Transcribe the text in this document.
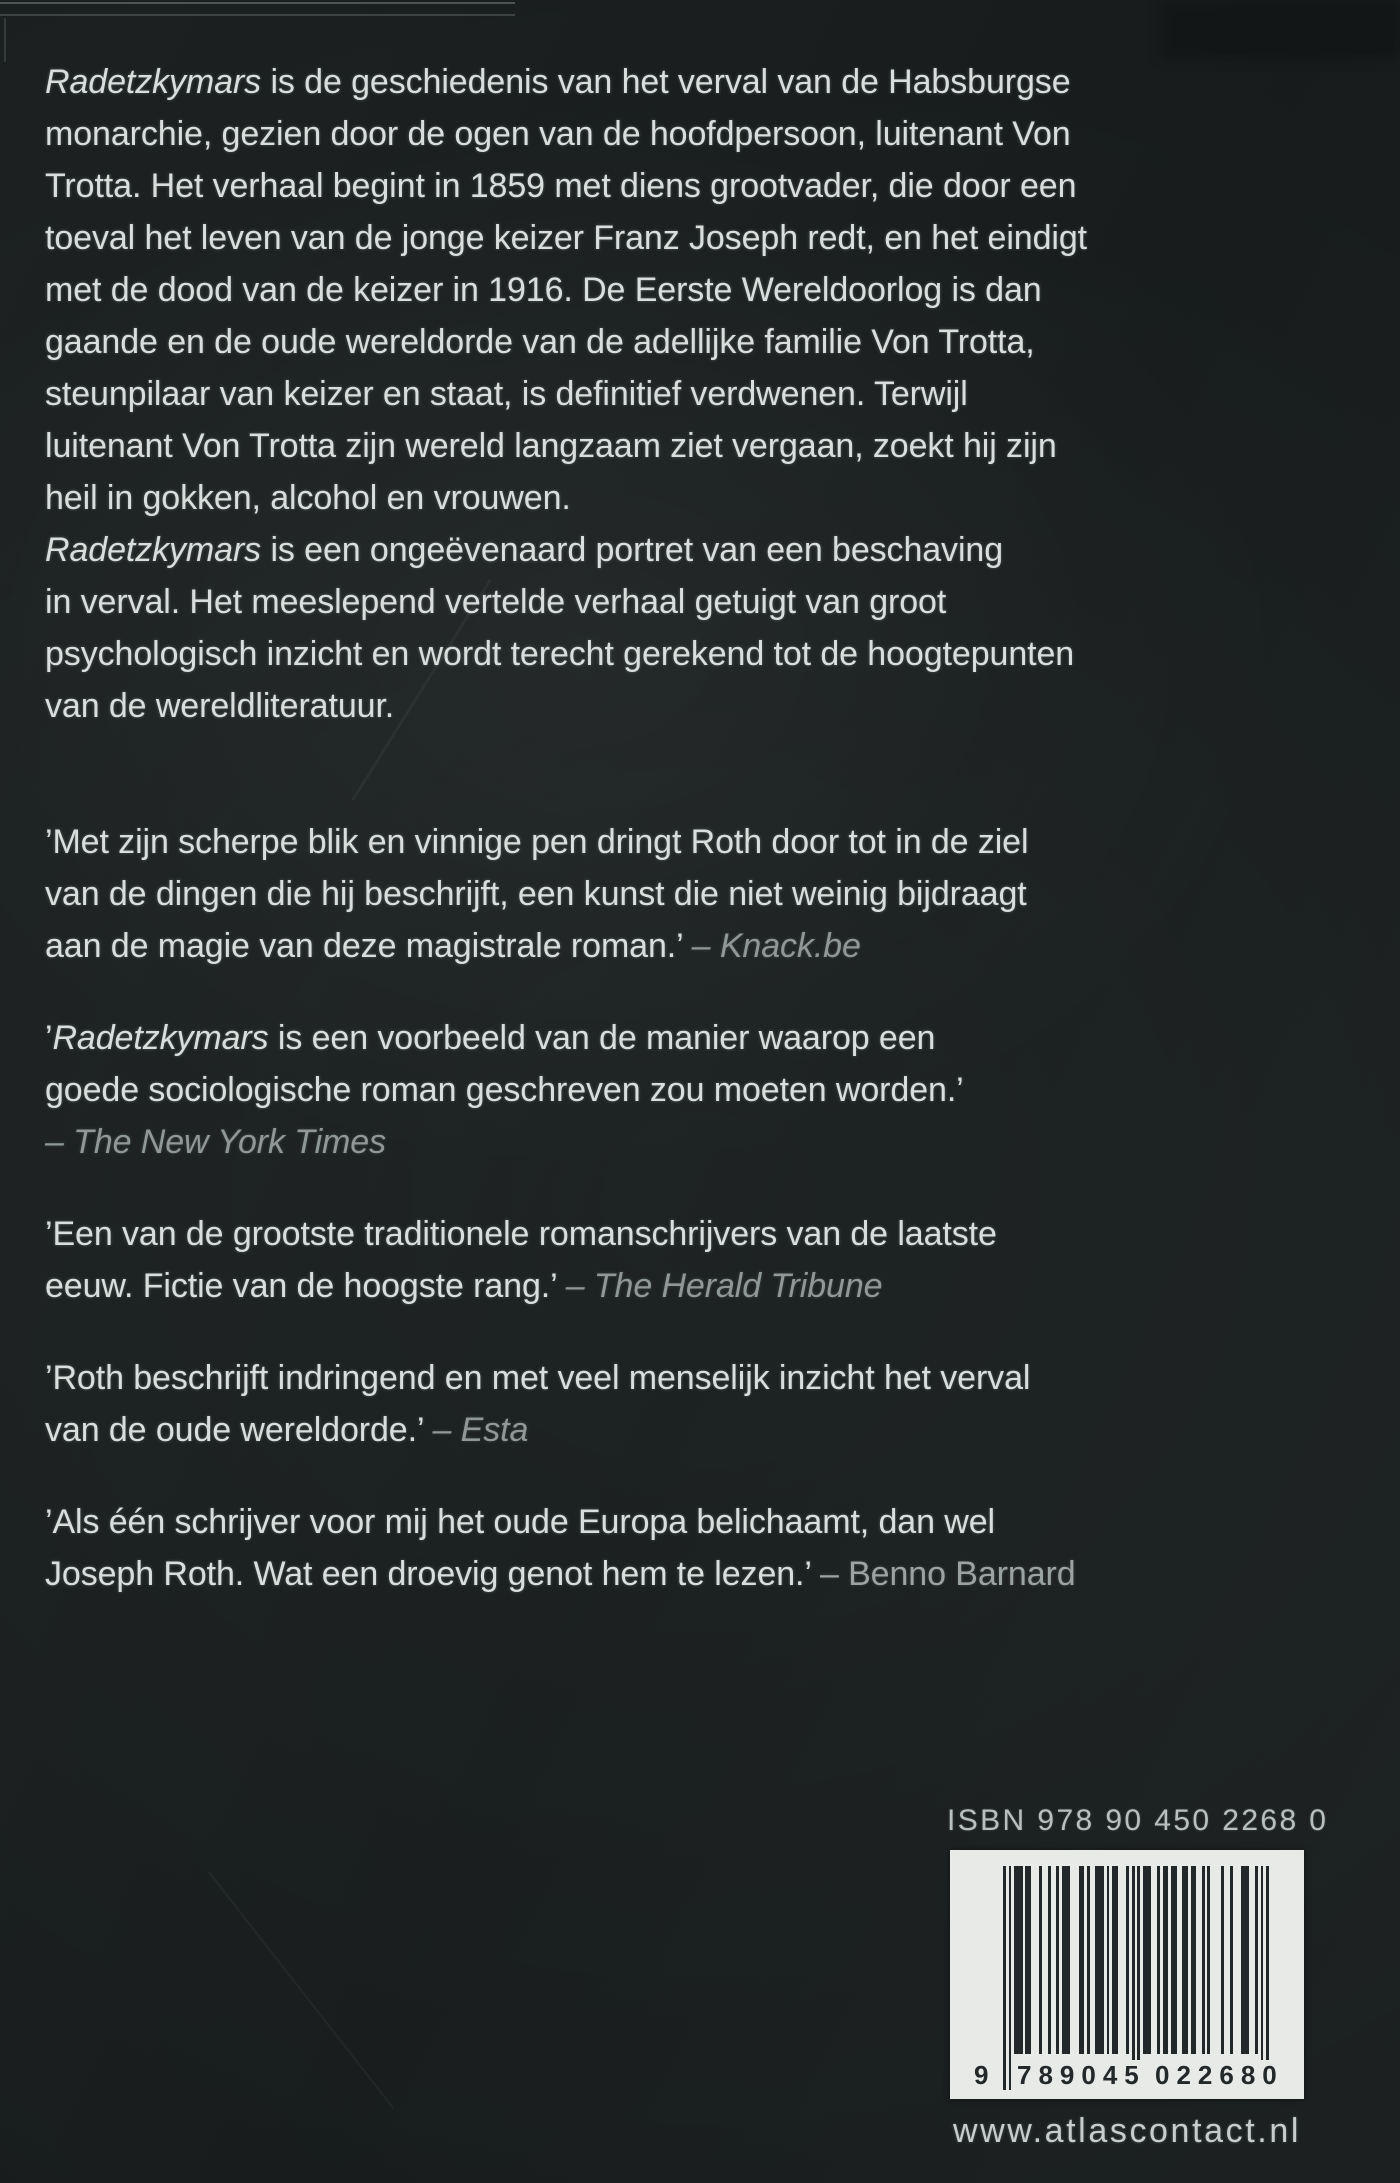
Radetzkymars is de geschiedenis van het verval van de Habsburgse
monarchie, gezien door de ogen van de hoofdpersoon, luitenant Von
Trotta. Het verhaal begint in 1859 met diens grootvader, die door een
toeval het leven van de jonge keizer Franz Joseph redt, en het eindigt
met de dood van de keizer in 1916. De Eerste Wereldoorlog is dan
gaande en de oude wereldorde van de adellijke familie Von Trotta,
steunpilaar van keizer en staat, is definitief verdwenen. Terwijl
luitenant Von Trotta zijn wereld langzaam ziet vergaan, zoekt hij zijn
heil in gokken, alcohol en vrouwen.
Radetzkymars is een ongeëvenaard portret van een beschaving
in verval. Het meeslepend vertelde verhaal getuigt van groot
psychologisch inzicht en wordt terecht gerekend tot de hoogtepunten
van de wereldliteratuur.
’Met zijn scherpe blik en vinnige pen dringt Roth door tot in de ziel
van de dingen die hij beschrijft, een kunst die niet weinig bijdraagt
aan de magie van deze magistrale roman.’ – Knack.be
’Radetzkymars is een voorbeeld van de manier waarop een
goede sociologische roman geschreven zou moeten worden.’
– The New York Times
’Een van de grootste traditionele romanschrijvers van de laatste
eeuw. Fictie van de hoogste rang.’ – The Herald Tribune
’Roth beschrijft indringend en met veel menselijk inzicht het verval
van de oude wereldorde.’ – Esta
’Als één schrijver voor mij het oude Europa belichaamt, dan wel
Joseph Roth. Wat een droevig genot hem te lezen.’ – Benno Barnard
ISBN 978 90 450 2268 0
9 789045 022680
www.atlascontact.nl
